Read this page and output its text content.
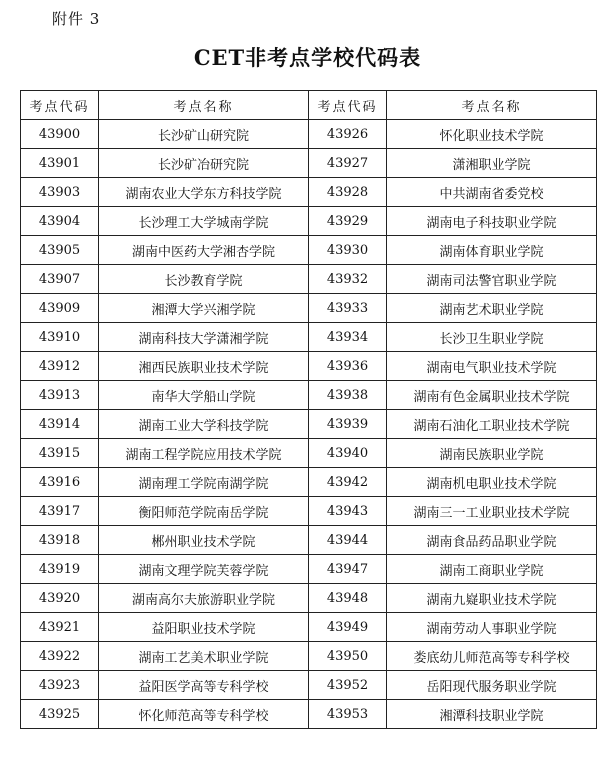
附件 3
CET非考点学校代码表
考点代码	考点名称	考点代码	考点名称
43900	长沙矿山研究院	43926	怀化职业技术学院
43901	长沙矿冶研究院	43927	潇湘职业学院
43903	湖南农业大学东方科技学院	43928	中共湖南省委党校
43904	长沙理工大学城南学院	43929	湖南电子科技职业学院
43905	湖南中医药大学湘杏学院	43930	湖南体育职业学院
43907	长沙教育学院	43932	湖南司法警官职业学院
43909	湘潭大学兴湘学院	43933	湖南艺术职业学院
43910	湖南科技大学潇湘学院	43934	长沙卫生职业学院
43912	湘西民族职业技术学院	43936	湖南电气职业技术学院
43913	南华大学船山学院	43938	湖南有色金属职业技术学院
43914	湖南工业大学科技学院	43939	湖南石油化工职业技术学院
43915	湖南工程学院应用技术学院	43940	湖南民族职业学院
43916	湖南理工学院南湖学院	43942	湖南机电职业技术学院
43917	衡阳师范学院南岳学院	43943	湖南三一工业职业技术学院
43918	郴州职业技术学院	43944	湖南食品药品职业学院
43919	湖南文理学院芙蓉学院	43947	湖南工商职业学院
43920	湖南高尔夫旅游职业学院	43948	湖南九嶷职业技术学院
43921	益阳职业技术学院	43949	湖南劳动人事职业学院
43922	湖南工艺美术职业学院	43950	娄底幼儿师范高等专科学校
43923	益阳医学高等专科学校	43952	岳阳现代服务职业学院
43925	怀化师范高等专科学校	43953	湘潭科技职业学院
